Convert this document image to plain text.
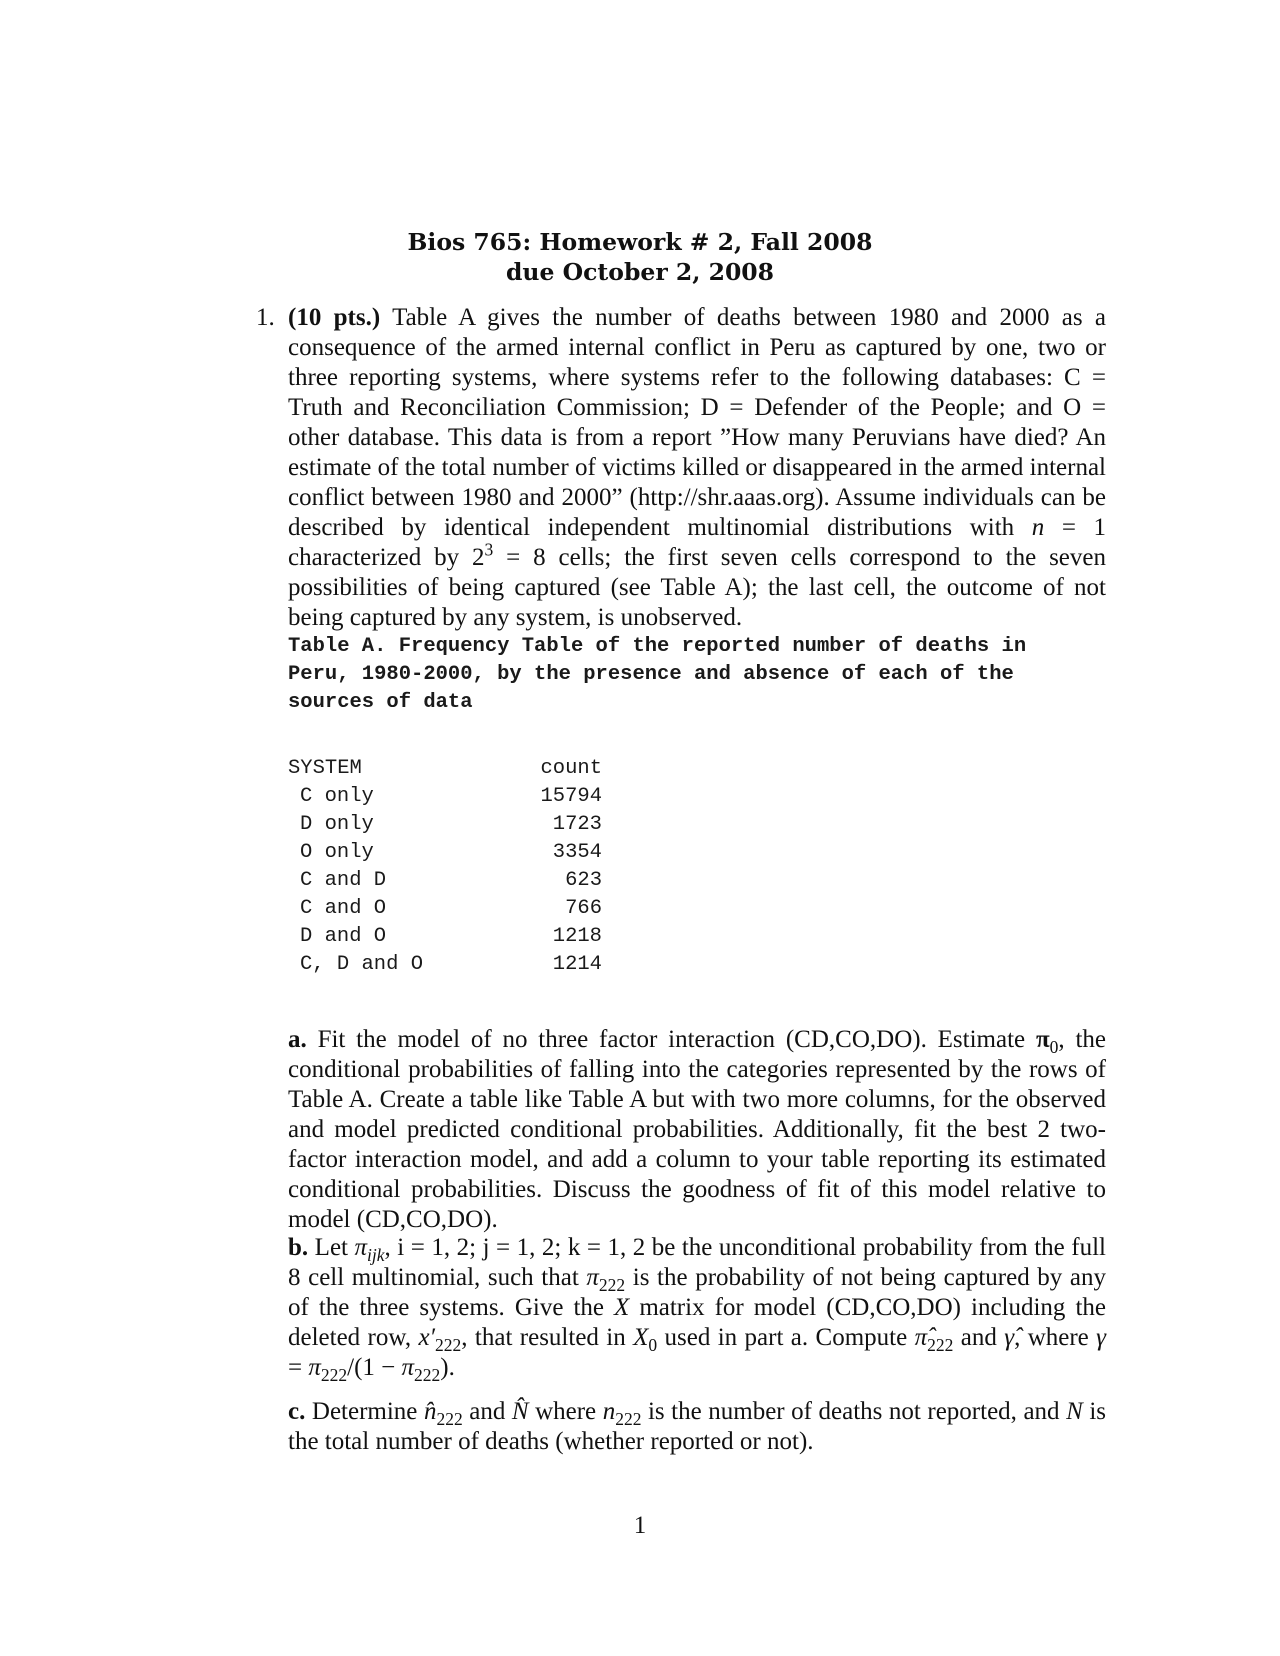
Bios 765: Homework # 2, Fall 2008
due October 2, 2008
1. (10 pts.) Table A gives the number of deaths between 1980 and 2000 as a consequence of the armed internal conflict in Peru as captured by one, two or three reporting systems, where systems refer to the following databases: C = Truth and Reconciliation Commission; D = Defender of the People; and O = other database. This data is from a report ”How many Peruvians have died? An estimate of the total number of victims killed or disappeared in the armed internal conflict between 1980 and 2000” (http://shr.aaas.org). Assume individuals can be described by identical independent multinomial distributions with n = 1 characterized by $2^3 = 8$ cells; the first seven cells correspond to the seven possibilities of being captured (see Table A); the last cell, the outcome of not being captured by any system, is unobserved.

Table A. Frequency Table of the reported number of deaths in Peru, 1980-2000, by the presence and absence of each of the sources of data

SYSTEM	count
C only	15794
D only	1723
O only	3354
C and D	623
C and O	766
D and O	1218
C, D and O	1214

a. Fit the model of no three factor interaction (CD,CO,DO). Estimate $\pi_0$, the conditional probabilities of falling into the categories represented by the rows of Table A. Create a table like Table A but with two more columns, for the observed and model predicted conditional probabilities. Additionally, fit the best 2 two-factor interaction model, and add a column to your table reporting its estimated conditional probabilities. Discuss the goodness of fit of this model relative to model (CD,CO,DO).

b. Let $\pi_{ijk}$, i = 1, 2; j = 1, 2; k = 1, 2 be the unconditional probability from the full 8 cell multinomial, such that $\pi_{222}$ is the probability of not being captured by any of the three systems. Give the X matrix for model (CD,CO,DO) including the deleted row, $x'_{222}$, that resulted in $X_0$ used in part a. Compute $\pî_{222}$ and γ̂, where $\gamma = \pi_{222}/(1 - \pi_{222})$.

c. Determine $n̂_{222}$ and N̂ where $n_{222}$ is the number of deaths not reported, and N is the total number of deaths (whether reported or not).

1
